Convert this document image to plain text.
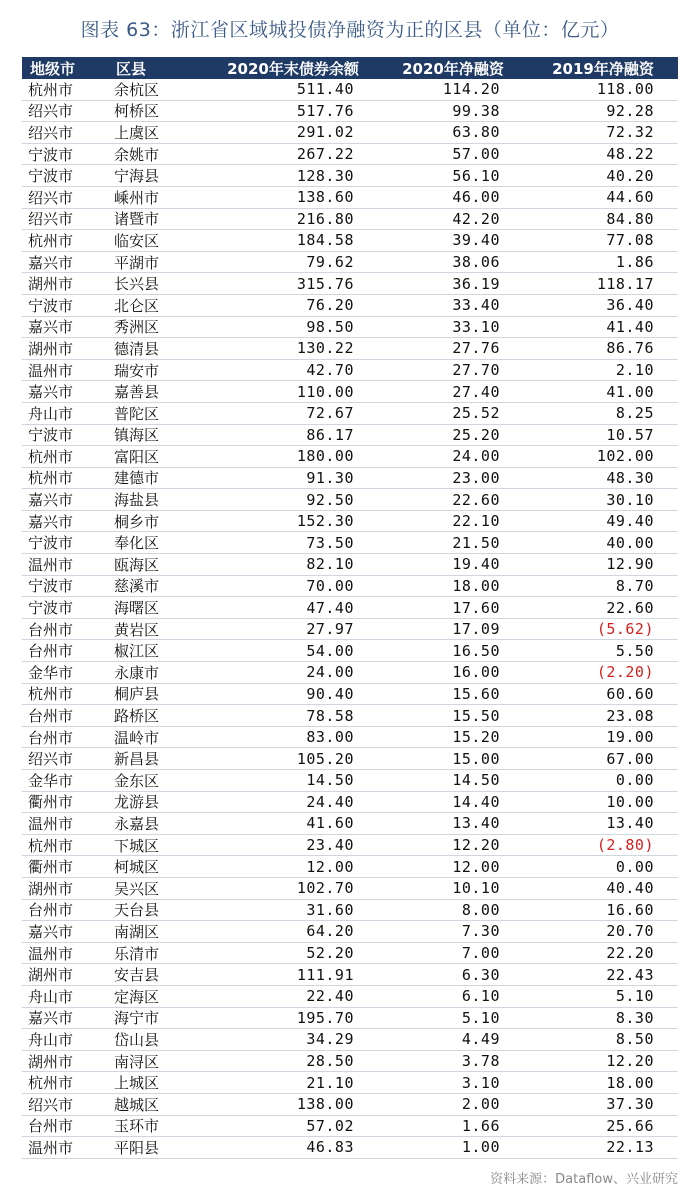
图表 63：浙江省区域城投债净融资为正的区县（单位：亿元）
地级市	区县	2020年末债券余额	2020年净融资	2019年净融资
杭州市	余杭区	511.40	114.20	118.00
绍兴市	柯桥区	517.76	99.38	92.28
绍兴市	上虞区	291.02	63.80	72.32
宁波市	余姚市	267.22	57.00	48.22
宁波市	宁海县	128.30	56.10	40.20
绍兴市	嵊州市	138.60	46.00	44.60
绍兴市	诸暨市	216.80	42.20	84.80
杭州市	临安区	184.58	39.40	77.08
嘉兴市	平湖市	79.62	38.06	1.86
湖州市	长兴县	315.76	36.19	118.17
宁波市	北仑区	76.20	33.40	36.40
嘉兴市	秀洲区	98.50	33.10	41.40
湖州市	德清县	130.22	27.76	86.76
温州市	瑞安市	42.70	27.70	2.10
嘉兴市	嘉善县	110.00	27.40	41.00
舟山市	普陀区	72.67	25.52	8.25
宁波市	镇海区	86.17	25.20	10.57
杭州市	富阳区	180.00	24.00	102.00
杭州市	建德市	91.30	23.00	48.30
嘉兴市	海盐县	92.50	22.60	30.10
嘉兴市	桐乡市	152.30	22.10	49.40
宁波市	奉化区	73.50	21.50	40.00
温州市	瓯海区	82.10	19.40	12.90
宁波市	慈溪市	70.00	18.00	8.70
宁波市	海曙区	47.40	17.60	22.60
台州市	黄岩区	27.97	17.09	(5.62)
台州市	椒江区	54.00	16.50	5.50
金华市	永康市	24.00	16.00	(2.20)
杭州市	桐庐县	90.40	15.60	60.60
台州市	路桥区	78.58	15.50	23.08
台州市	温岭市	83.00	15.20	19.00
绍兴市	新昌县	105.20	15.00	67.00
金华市	金东区	14.50	14.50	0.00
衢州市	龙游县	24.40	14.40	10.00
温州市	永嘉县	41.60	13.40	13.40
杭州市	下城区	23.40	12.20	(2.80)
衢州市	柯城区	12.00	12.00	0.00
湖州市	吴兴区	102.70	10.10	40.40
台州市	天台县	31.60	8.00	16.60
嘉兴市	南湖区	64.20	7.30	20.70
温州市	乐清市	52.20	7.00	22.20
湖州市	安吉县	111.91	6.30	22.43
舟山市	定海区	22.40	6.10	5.10
嘉兴市	海宁市	195.70	5.10	8.30
舟山市	岱山县	34.29	4.49	8.50
湖州市	南浔区	28.50	3.78	12.20
杭州市	上城区	21.10	3.10	18.00
绍兴市	越城区	138.00	2.00	37.30
台州市	玉环市	57.02	1.66	25.66
温州市	平阳县	46.83	1.00	22.13
资料来源：Dataflow、兴业研究
